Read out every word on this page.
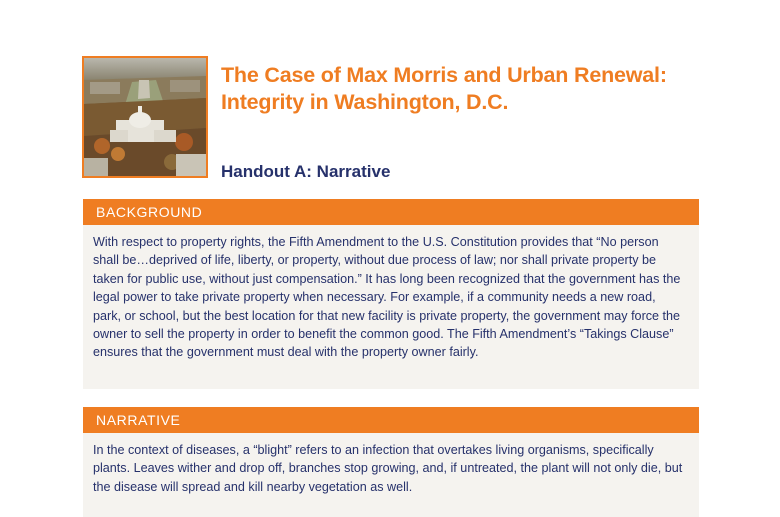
The Case of Max Morris and Urban Renewal: Integrity in Washington, D.C.
Handout A: Narrative
BACKGROUND

With respect to property rights, the Fifth Amendment to the U.S. Constitution provides that “No person shall be…deprived of life, liberty, or property, without due process of law; nor shall private property be taken for public use, without just compensation.” It has long been recognized that the government has the legal power to take private property when necessary. For example, if a community needs a new road, park, or school, but the best location for that new facility is private property, the government may force the owner to sell the property in order to benefit the common good. The Fifth Amendment’s “Takings Clause” ensures that the government must deal with the property owner fairly.

NARRATIVE

In the context of diseases, a “blight” refers to an infection that overtakes living organisms, specifically plants. Leaves wither and drop off, branches stop growing, and, if untreated, the plant will not only die, but the disease will spread and kill nearby vegetation as well.
